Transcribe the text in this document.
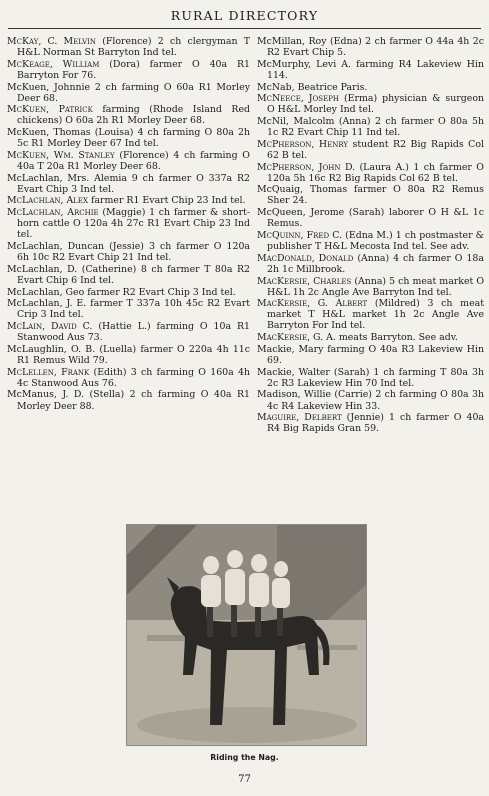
RURAL DIRECTORY
McKay, C. Melvin (Florence) 2 ch clergyman T H&L Norman St Barryton Ind tel.
McKeage, William (Dora) farmer O 40a R1 Barryton For 76.
McKuen, Johnnie 2 ch farming O 60a R1 Morley Deer 68.
McKuen, Patrick farming (Rhode Island Red chickens) O 60a 2h R1 Morley Deer 68.
McKuen, Thomas (Louisa) 4 ch farming O 80a 2h 5c R1 Morley Deer 67 Ind tel.
McKuen, Wm. Stanley (Florence) 4 ch farming O 40a T 20a R1 Morley Deer 68.
McLachlan, Mrs. Alemia 9 ch farmer O 337a R2 Evart Chip 3 Ind tel.
McLachlan, Alex farmer R1 Evart Chip 23 Ind tel.
McLachlan, Archie (Maggie) 1 ch farmer & short-horn cattle O 120a 4h 27c R1 Evart Chip 23 Ind tel.
McLachlan, Duncan (Jessie) 3 ch farmer O 120a 6h 10c R2 Evart Chip 21 Ind tel.
McLachlan, D. (Catherine) 8 ch farmer T 80a R2 Evart Chip 6 Ind tel.
McLachlan, Geo farmer R2 Evart Chip 3 Ind tel.
McLachlan, J. E. farmer T 337a 10h 45c R2 Evart Crip 3 Ind tel.
McLain, David C. (Hattie L.) farming O 10a R1 Stanwood Aus 73.
McLaughlin, O. B. (Luella) farmer O 220a 4h 11c R1 Remus Wild 79.
McLellen, Frank (Edith) 3 ch farming O 160a 4h 4c Stanwood Aus 76.
McManus, J. D. (Stella) 2 ch farming O 40a R1 Morley Deer 88.
McMillan, Roy (Edna) 2 ch farmer O 44a 4h 2c R2 Evart Chip 5.
McMurphy, Levi A. farming R4 Lakeview Hin 114.
McNab, Beatrice Paris.
McNeece, Joseph (Erma) physician & surgeon O H&L Morley Ind tel.
McNil, Malcolm (Anna) 2 ch farmer O 80a 5h 1c R2 Evart Chip 11 Ind tel.
McPherson, Henry student R2 Big Rapids Col 62 B tel.
McPherson, John D. (Laura A.) 1 ch farmer O 120a 5h 16c R2 Big Rapids Col 62 B tel.
McQuaig, Thomas farmer O 80a R2 Remus Sher 24.
McQueen, Jerome (Sarah) laborer O H &L 1c Remus.
McQuinn, Fred C. (Edna M.) 1 ch postmaster & publisher T H&L Mecosta Ind tel. See adv.
MacDonald, Donald (Anna) 4 ch farmer O 18a 2h 1c Millbrook.
MacKersie, Charles (Anna) 5 ch meat market O H&L 1h 2c Angle Ave Barryton Ind tel.
MacKersie, G. Albert (Mildred) 3 ch meat market T H&L market 1h 2c Angle Ave Barryton For Ind tel.
MacKersie, G. A. meats Barryton. See adv.
Mackie, Mary farming O 40a R3 Lakeview Hin 69.
Mackie, Walter (Sarah) 1 ch farming T 80a 3h 2c R3 Lakeview Hin 70 Ind tel.
Madison, Willie (Carrie) 2 ch farming O 80a 3h 4c R4 Lakeview Hin 33.
Maguire, Delbert (Jennie) 1 ch farmer O 40a R4 Big Rapids Gran 59.
Riding the Nag.
77
